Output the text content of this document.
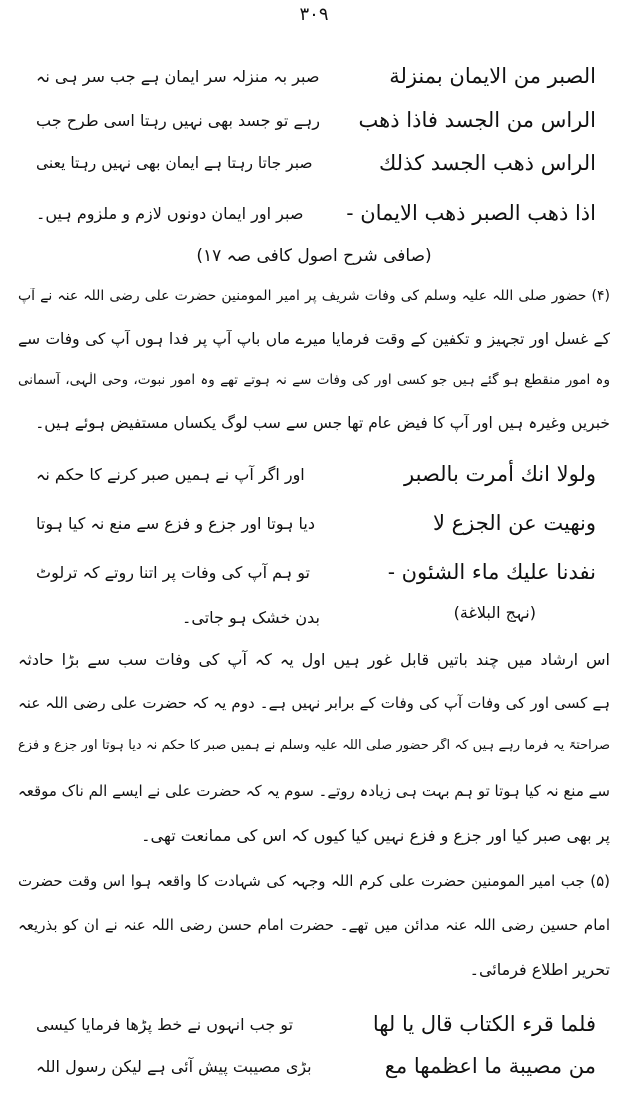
۳۰۹
الصبر من الايمان بمنزلة
صبر بہ منزلہ سر ایمان ہے جب سر ہی نہ
الراس من الجسد فاذا ذهب
رہے تو جسد بھی نہیں رہتا اسی طرح جب
الراس ذهب الجسد كذلك
صبر جاتا رہتا ہے ایمان بھی نہیں رہتا یعنی
اذا ذهب الصبر ذهب الايمان -
صبر اور ایمان دونوں لازم و ملزوم ہیں۔
(صافی شرح اصول کافی صہ ۱۷)
(۴) حضور صلی اللہ علیہ وسلم کی وفات شریف پر امیر المومنین حضرت علی رضی اللہ عنہ نے آپ
کے غسل اور تجہیز و تکفین کے وقت فرمایا میرے ماں باپ آپ پر فدا ہوں آپ کی وفات سے
وہ امور منقطع ہو گئے ہیں جو کسی اور کی وفات سے نہ ہوتے تھے وہ امور نبوت، وحی الٰہی، آسمانی
خبریں وغیرہ ہیں اور آپ کا فیض عام تھا جس سے سب لوگ یکساں مستفیض ہوئے ہیں۔
ولولا انك أمرت بالصبر
اور اگر آپ نے ہمیں صبر کرنے کا حکم نہ
ونهيت عن الجزع لا
دیا ہوتا اور جزع و فزع سے منع نہ کیا ہوتا
نفدنا عليك ماء الشئون -
تو ہم آپ کی وفات پر اتنا روتے کہ ترلوٹ
(نہج البلاغة)
بدن خشک ہو جاتی۔
اس ارشاد میں چند باتیں قابل غور ہیں اول یہ کہ آپ کی وفات سب سے بڑا حادثہ
ہے کسی اور کی وفات آپ کی وفات کے برابر نہیں ہے۔ دوم یہ کہ حضرت علی رضی اللہ عنہ
صراحتہً یہ فرما رہے ہیں کہ اگر حضور صلی اللہ علیہ وسلم نے ہمیں صبر کا حکم نہ دیا ہوتا اور جزع و فزع
سے منع نہ کیا ہوتا تو ہم بہت ہی زیادہ روتے۔ سوم یہ کہ حضرت علی نے ایسے الم ناک موقعہ
پر بھی صبر کیا اور جزع و فزع نہیں کیا کیوں کہ اس کی ممانعت تھی۔
(۵) جب امیر المومنین حضرت علی کرم اللہ وجہہ کی شہادت کا واقعہ ہوا اس وقت حضرت
امام حسین رضی اللہ عنہ مدائن میں تھے۔ حضرت امام حسن رضی اللہ عنہ نے ان کو بذریعہ
تحریر اطلاع فرمائی۔
فلما قرء الكتاب قال يا لها
تو جب انہوں نے خط پڑھا فرمایا کیسی
من مصيبة ما اعظمها مع
بڑی مصیبت پیش آئی ہے لیکن رسول اللہ
